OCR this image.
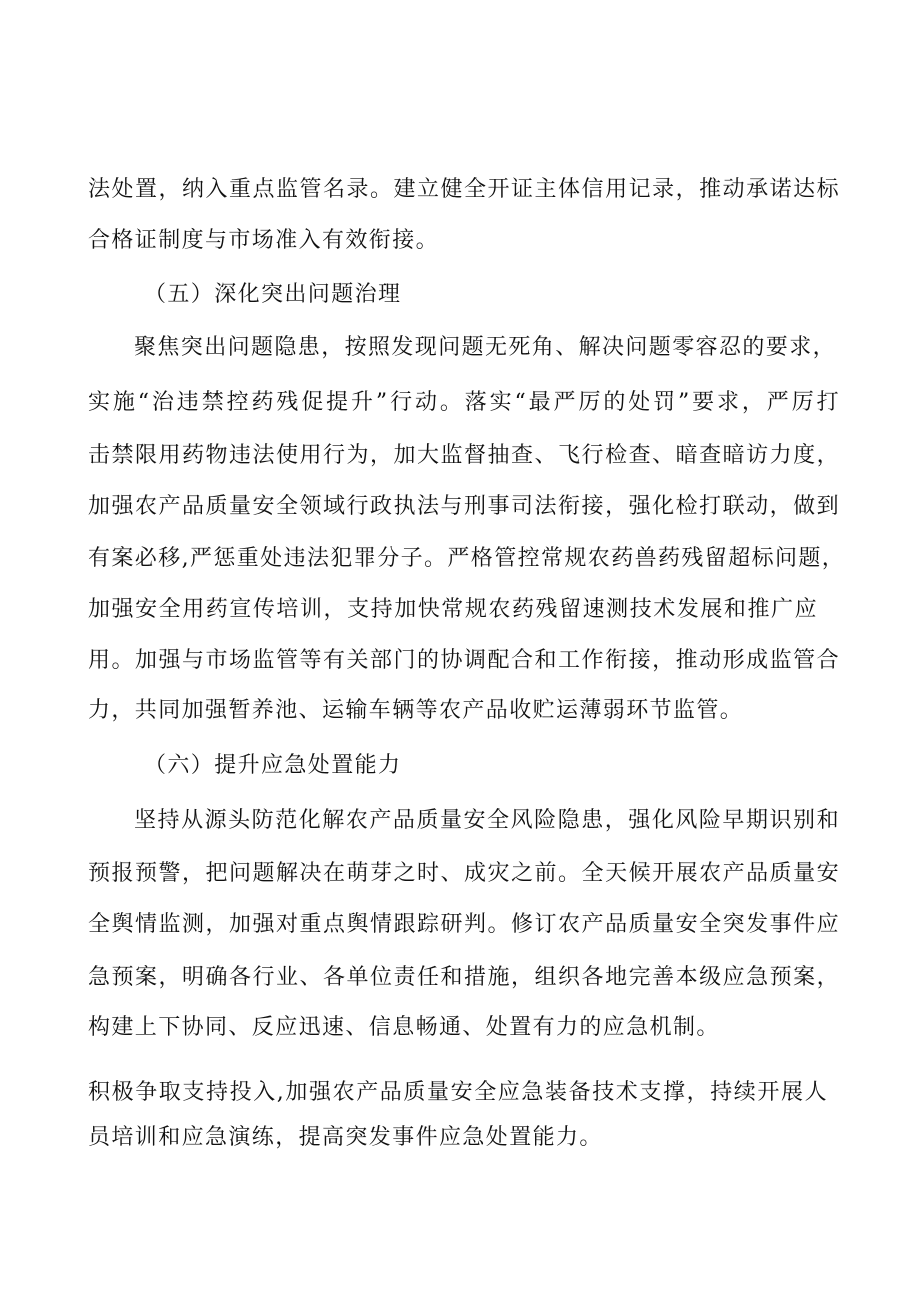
法处置，纳入重点监管名录。建立健全开证主体信用记录，推动承诺达标
合格证制度与市场准入有效衔接。
（五）深化突出问题治理
聚焦突出问题隐患，按照发现问题无死角、解决问题零容忍的要求，
实施“治违禁控药残促提升”行动。落实“最严厉的处罚”要求，严厉打
击禁限用药物违法使用行为，加大监督抽查、飞行检查、暗查暗访力度，
加强农产品质量安全领域行政执法与刑事司法衔接，强化检打联动，做到
有案必移,严惩重处违法犯罪分子。严格管控常规农药兽药残留超标问题，
加强安全用药宣传培训，支持加快常规农药残留速测技术发展和推广应
用。加强与市场监管等有关部门的协调配合和工作衔接，推动形成监管合
力，共同加强暂养池、运输车辆等农产品收贮运薄弱环节监管。
（六）提升应急处置能力
坚持从源头防范化解农产品质量安全风险隐患，强化风险早期识别和
预报预警，把问题解决在萌芽之时、成灾之前。全天候开展农产品质量安
全舆情监测，加强对重点舆情跟踪研判。修订农产品质量安全突发事件应
急预案，明确各行业、各单位责任和措施，组织各地完善本级应急预案，
构建上下协同、反应迅速、信息畅通、处置有力的应急机制。
积极争取支持投入,加强农产品质量安全应急装备技术支撑，持续开展人
员培训和应急演练，提高突发事件应急处置能力。
